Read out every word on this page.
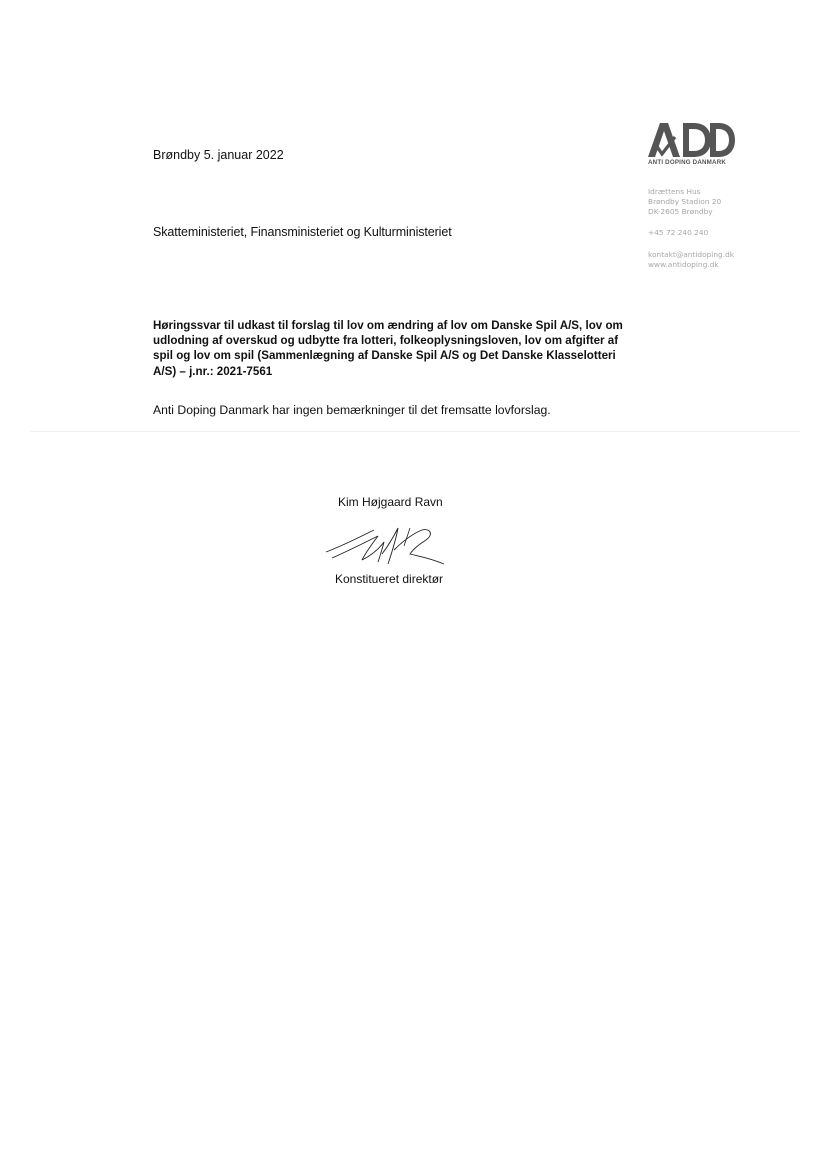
Brøndby 5. januar 2022
ANTI DOPING DANMARK
Idrættens Hus
Brøndby Stadion 20
DK-2605 Brøndby
+45 72 240 240
kontakt@antidoping.dk
www.antidoping.dk
Skatteministeriet, Finansministeriet og Kulturministeriet
Høringssvar til udkast til forslag til lov om ændring af lov om Danske Spil A/S, lov om
udlodning af overskud og udbytte fra lotteri, folkeoplysningsloven, lov om afgifter af
spil og lov om spil (Sammenlægning af Danske Spil A/S og Det Danske Klasselotteri
A/S) – j.nr.: 2021-7561
Anti Doping Danmark har ingen bemærkninger til det fremsatte lovforslag.
Kim Højgaard Ravn
Konstitueret direktør
